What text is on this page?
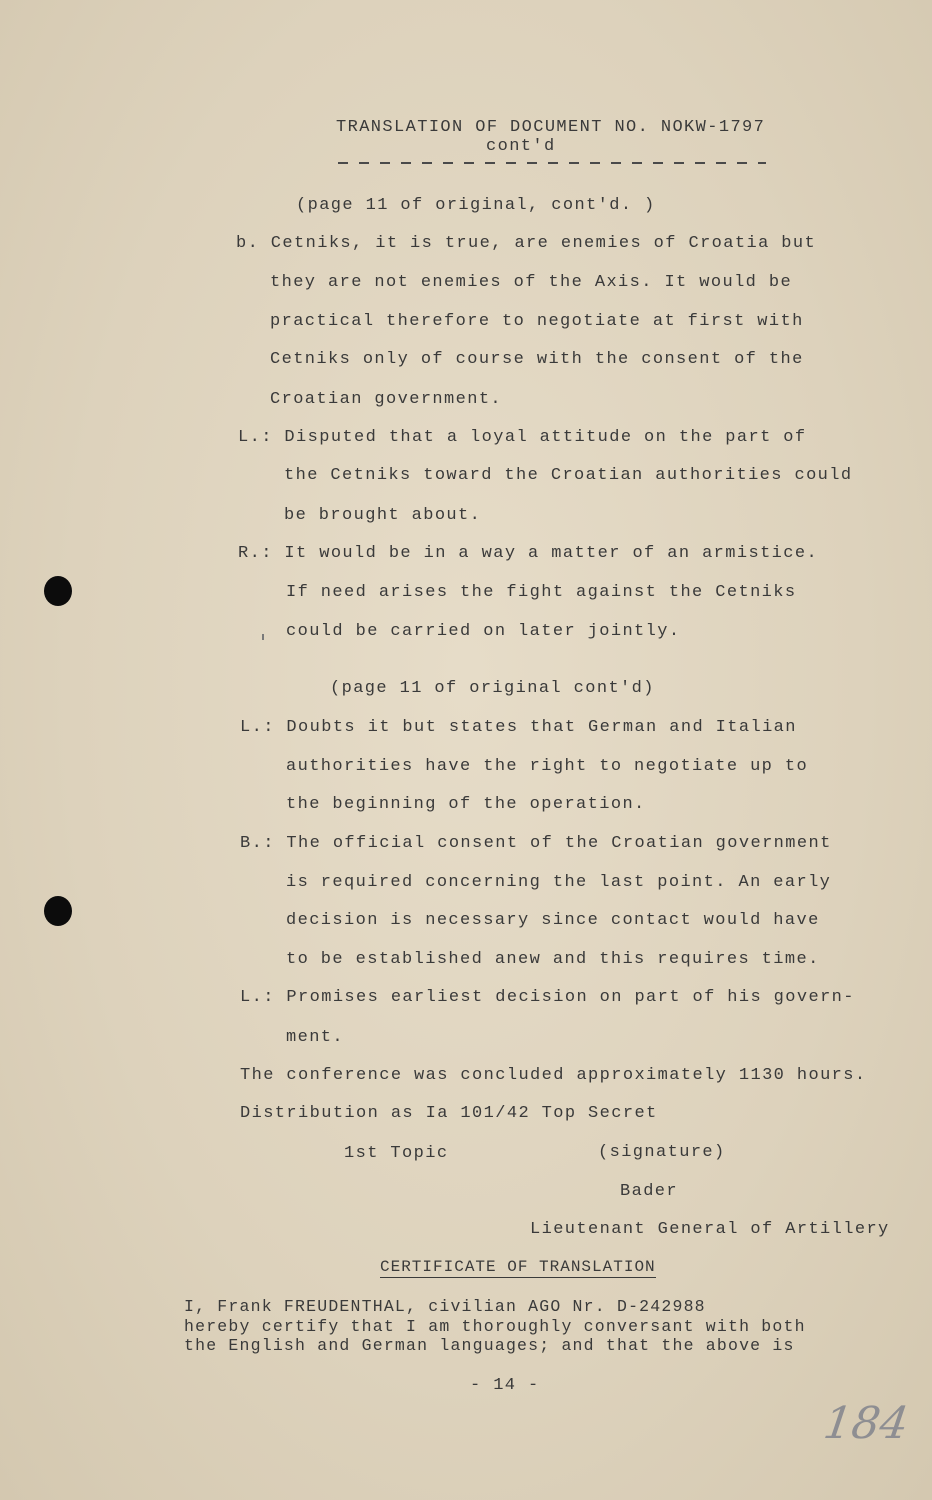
TRANSLATION OF DOCUMENT NO. NOKW-1797
cont'd
(page 11 of original, cont'd. )
b. Cetniks, it is true, are enemies of Croatia but
they are not enemies of the Axis. It would be
practical therefore to negotiate at first with
Cetniks only of course with the consent of the
Croatian government.
L.: Disputed that a loyal attitude on the part of
the Cetniks toward the Croatian authorities could
be brought about.
R.: It would be in a way a matter of an armistice.
If need arises the fight against the Cetniks
could be carried on later jointly.
(page 11 of original cont'd)
L.: Doubts it but states that German and Italian
authorities have the right to negotiate up to
the beginning of the operation.
B.: The official consent of the Croatian government
is required concerning the last point. An early
decision is necessary since contact would have
to be established anew and this requires time.
L.: Promises earliest decision on part of his govern-
ment.
The conference was concluded approximately 1130 hours.
Distribution as Ia 101/42 Top Secret
1st Topic	(signature)
Bader
Lieutenant General of Artillery
CERTIFICATE OF TRANSLATION
I, Frank FREUDENTHAL, civilian AGO Nr. D-242988
hereby certify that I am thoroughly conversant with both
the English and German languages; and that the above is
- 14 -
184
